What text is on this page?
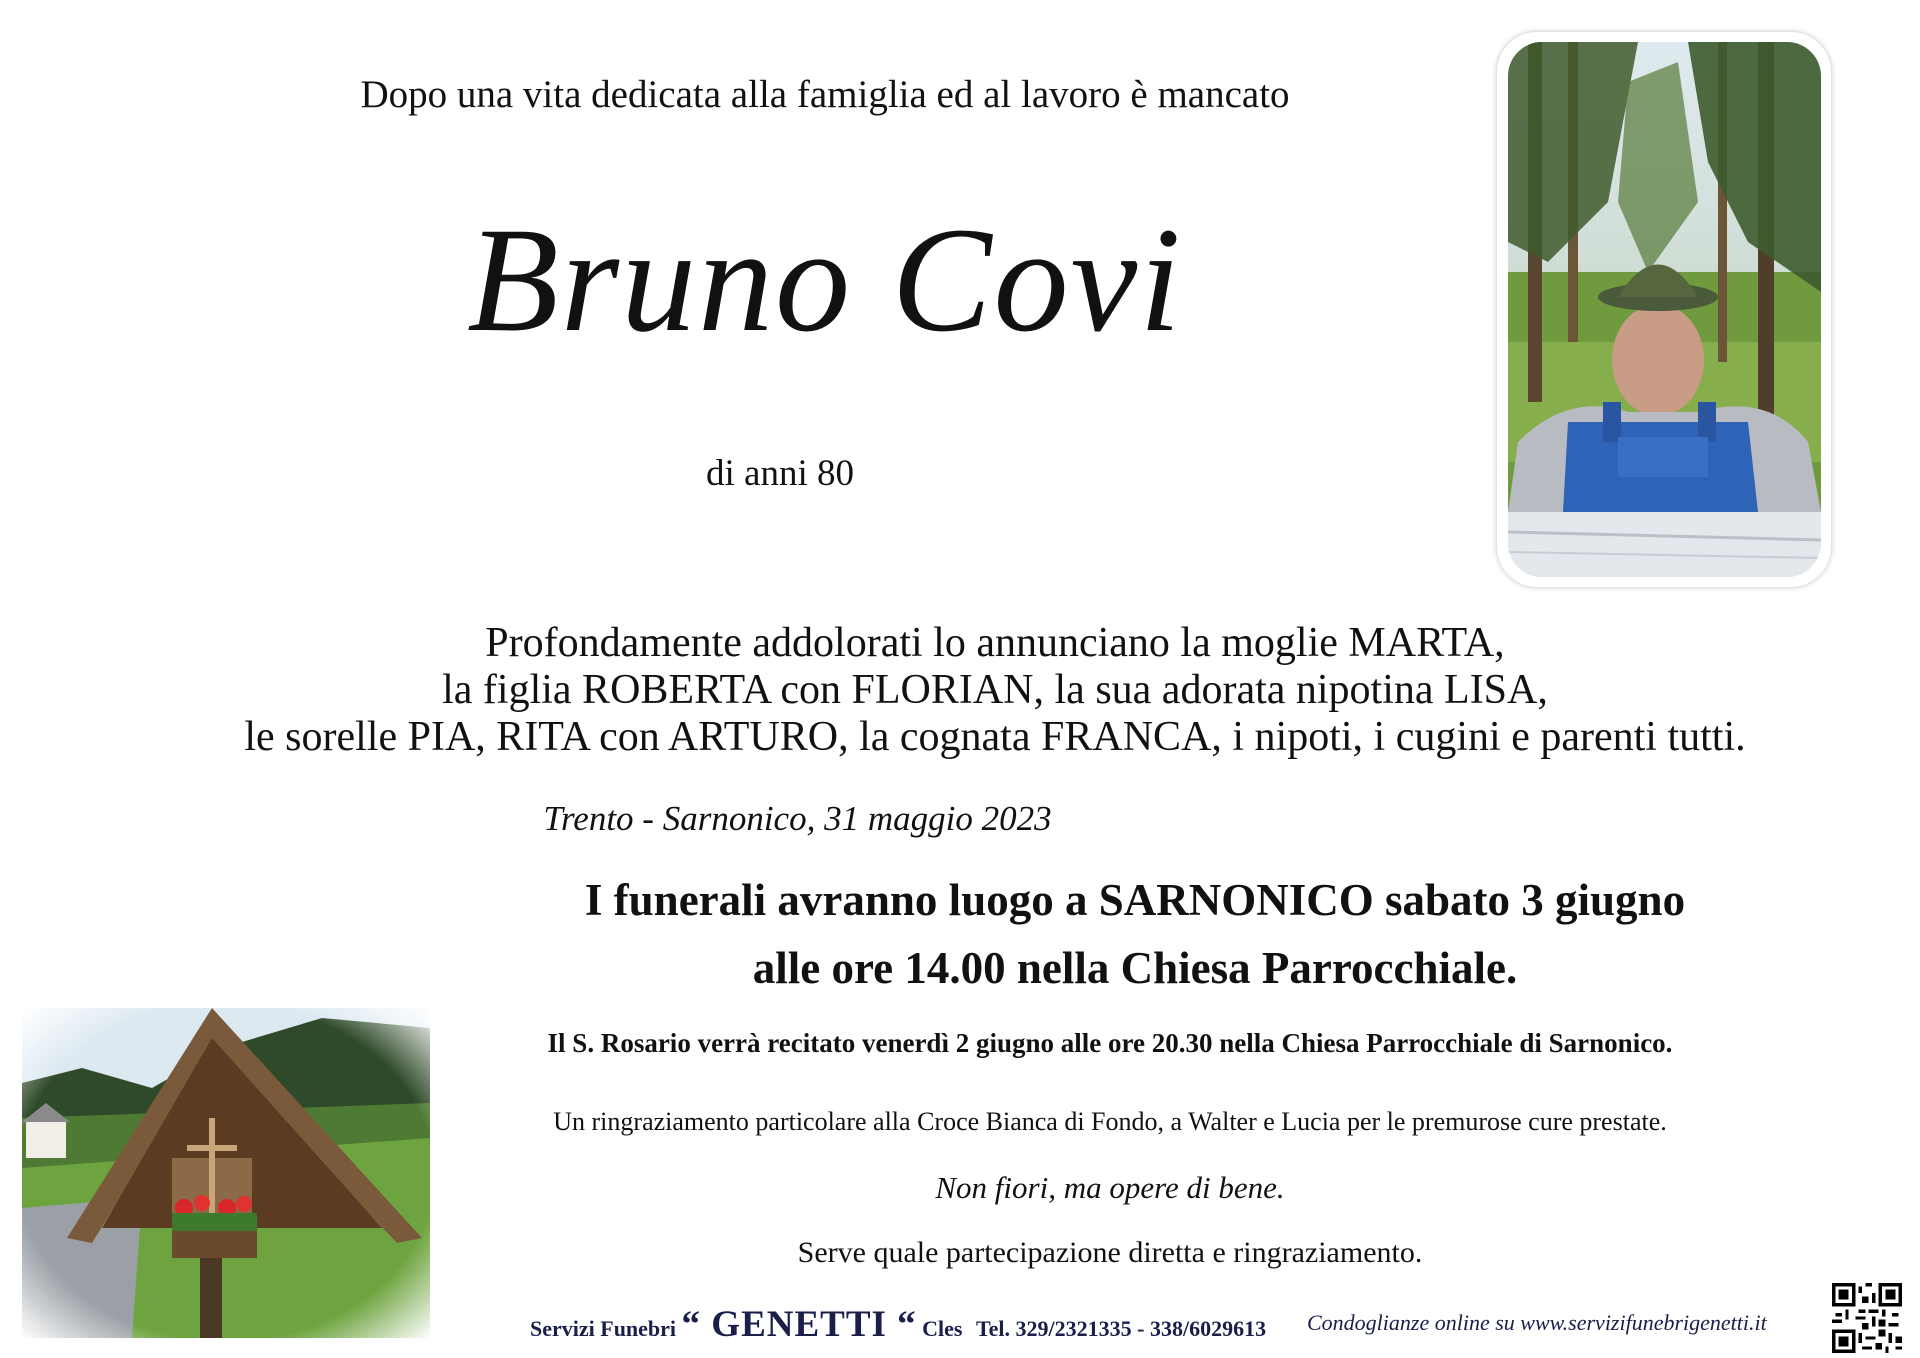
Dopo una vita dedicata alla famiglia ed al lavoro è mancato
Bruno Covi
di anni 80
Profondamente addolorati lo annunciano la moglie MARTA,
la figlia ROBERTA con FLORIAN, la sua adorata nipotina LISA,
le sorelle PIA, RITA con ARTURO, la cognata FRANCA, i nipoti, i cugini e parenti tutti.
Trento - Sarnonico, 31 maggio 2023
I funerali avranno luogo a SARNONICO sabato 3 giugno
alle ore 14.00 nella Chiesa Parrocchiale.
Il S. Rosario verrà recitato venerdì 2 giugno alle ore 20.30 nella Chiesa Parrocchiale di Sarnonico.
Un ringraziamento particolare alla Croce Bianca di Fondo, a Walter e Lucia per le premurose cure prestate.
Non fiori, ma opere di bene.
Serve quale partecipazione diretta e ringraziamento.
Servizi Funebri “ GENETTI “ Cles Tel. 329/2321335 - 338/6029613 Condoglianze online su www.servizifunebrigenetti.it
